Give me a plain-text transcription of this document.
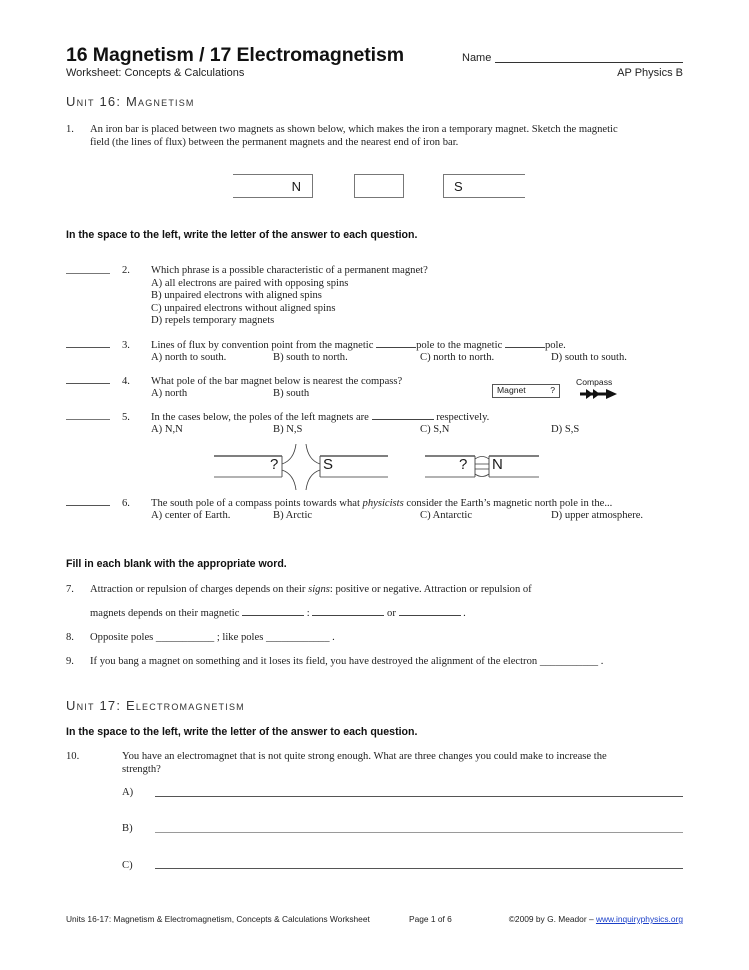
16 Magnetism / 17 Electromagnetism
Worksheet: Concepts & Calculations
Name
AP Physics B
Unit 16: Magnetism
1. An iron bar is placed between two magnets as shown below, which makes the iron a temporary magnet. Sketch the magnetic
field (the lines of flux) between the permanent magnets and the nearest end of iron bar.
N	S
In the space to the left, write the letter of the answer to each question.
2. Which phrase is a possible characteristic of a permanent magnet?
A) all electrons are paired with opposing spins
B) unpaired electrons with aligned spins
C) unpaired electrons without aligned spins
D) repels temporary magnets
3. Lines of flux by convention point from the magnetic	pole to the magnetic	pole.
A) north to south.	B) south to north.	C) north to north.	D) south to south.
4. What pole of the bar magnet below is nearest the compass?
A) north	B) south	Magnet	?
Compass
5. In the cases below, the poles of the left magnets are	respectively.
A) N,N	B) N,S	C) S,N	D) S,S
?	S	? N
6. The south pole of a compass points towards what physicists consider the Earth’s magnetic north pole in the...
A) center of Earth.	B) Arctic	C) Antarctic	D) upper atmosphere.
Fill in each blank with the appropriate word.
7. Attraction or repulsion of charges depends on their signs: positive or negative. Attraction or repulsion of
magnets depends on their magnetic	:	or	.
8. Opposite poles ___________ ; like poles ____________ .
9. If you bang a magnet on something and it loses its field, you have destroyed the alignment of the electron ___________ .
Unit 17: Electromagnetism
In the space to the left, write the letter of the answer to each question.
10.	You have an electromagnet that is not quite strong enough. What are three changes you could make to increase the
strength?
A)
B)
C)
Units 16-17: Magnetism & Electromagnetism, Concepts & Calculations Worksheet	Page 1 of 6	©2009 by G. Meador – www.inquiryphysics.org
